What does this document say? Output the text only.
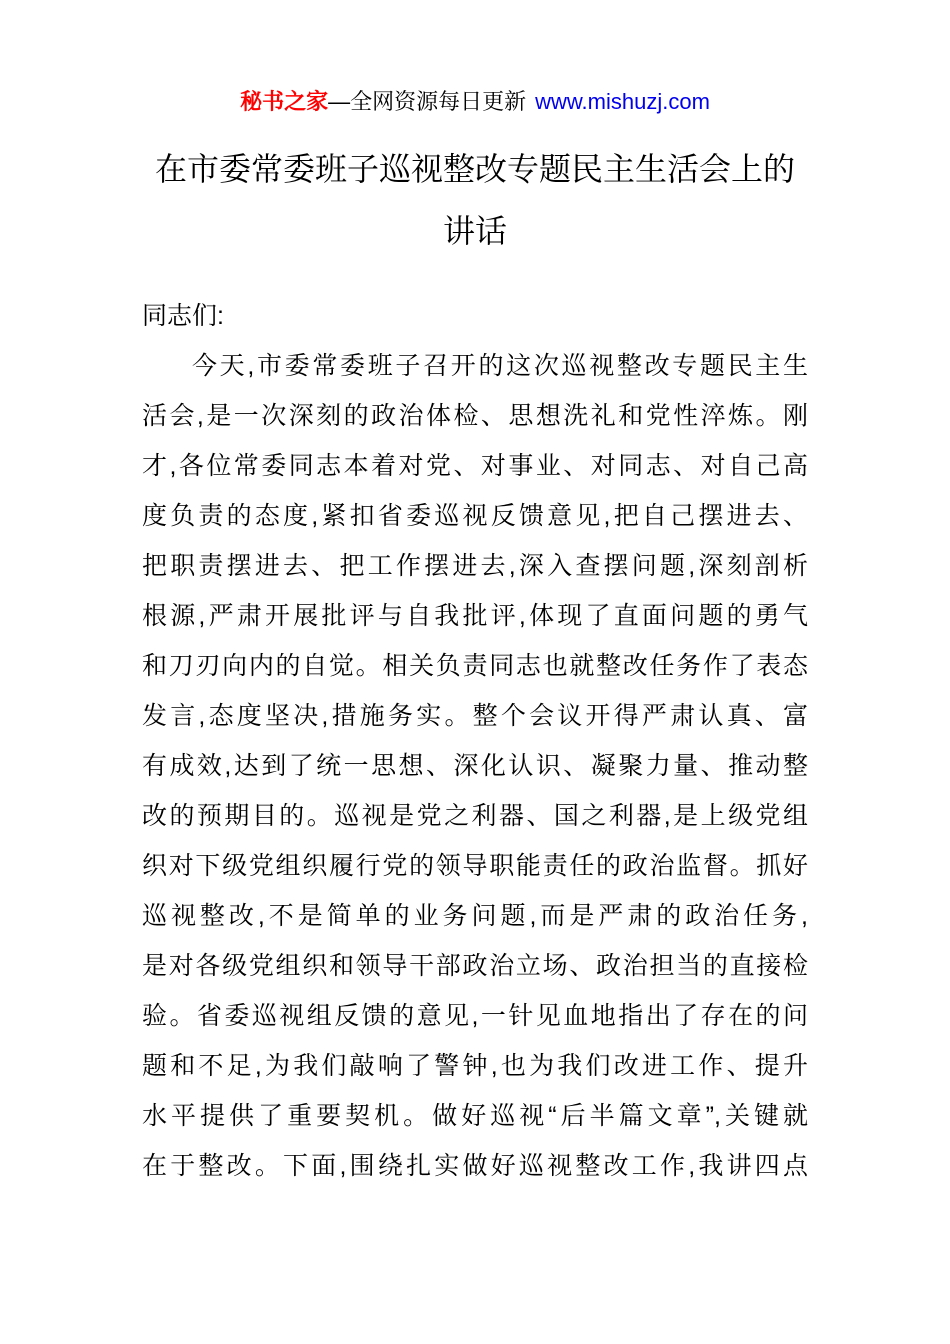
秘书之家—全网资源每日更新 www.mishuzj.com
在市委常委班子巡视整改专题民主生活会上的
讲话
同志们:
今天,市委常委班子召开的这次巡视整改专题民主生
活会,是一次深刻的政治体检、思想洗礼和党性淬炼。刚
才,各位常委同志本着对党、对事业、对同志、对自己高
度负责的态度,紧扣省委巡视反馈意见,把自己摆进去、
把职责摆进去、把工作摆进去,深入查摆问题,深刻剖析
根源,严肃开展批评与自我批评,体现了直面问题的勇气
和刀刃向内的自觉。相关负责同志也就整改任务作了表态
发言,态度坚决,措施务实。整个会议开得严肃认真、富
有成效,达到了统一思想、深化认识、凝聚力量、推动整
改的预期目的。巡视是党之利器、国之利器,是上级党组
织对下级党组织履行党的领导职能责任的政治监督。抓好
巡视整改,不是简单的业务问题,而是严肃的政治任务,
是对各级党组织和领导干部政治立场、政治担当的直接检
验。省委巡视组反馈的意见,一针见血地指出了存在的问
题和不足,为我们敲响了警钟,也为我们改进工作、提升
水平提供了重要契机。做好巡视“后半篇文章”,关键就
在于整改。下面,围绕扎实做好巡视整改工作,我讲四点
